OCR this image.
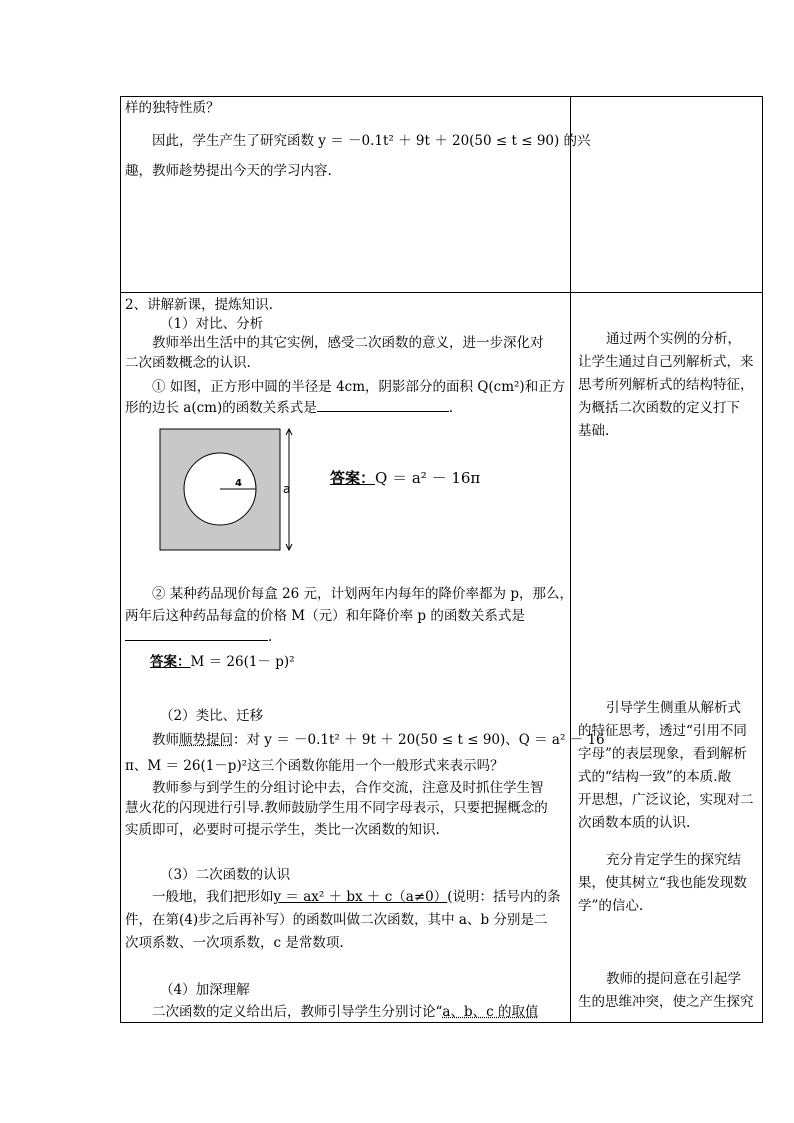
样的独特性质？
因此，学生产生了研究函数 y ＝ －0.1t² ＋ 9t ＋ 20(50 ≤ t ≤ 90) 的兴
趣，教师趁势提出今天的学习内容.
2、讲解新课，提炼知识.
（1）对比、分析
教师举出生活中的其它实例，感受二次函数的意义，进一步深化对
二次函数概念的认识.
① 如图，正方形中圆的半径是 4cm，阴影部分的面积 Q(cm²)和正方
形的边长 a(cm)的函数关系式是	.
4	a
答案：Q ＝ a² － 16π
② 某种药品现价每盒 26 元，计划两年内每年的降价率都为 p，那么，
两年后这种药品每盒的价格 M（元）和年降价率 p 的函数关系式是
.
答案：M ＝ 26(1－ p)²
（2）类比、迁移
教师顺势提问：对 y ＝ －0.1t² ＋ 9t ＋ 20(50 ≤ t ≤ 90)、Q ＝ a² － 16
π、M ＝ 26(1－p)²这三个函数你能用一个一般形式来表示吗？
教师参与到学生的分组讨论中去，合作交流，注意及时抓住学生智
慧火花的闪现进行引导.教师鼓励学生用不同字母表示，只要把握概念的
实质即可，必要时可提示学生，类比一次函数的知识.
（3）二次函数的认识
一般地，我们把形如y ＝ ax² ＋ bx ＋ c（a≠0）(说明：括号内的条
件，在第(4)步之后再补写）的函数叫做二次函数，其中 a、b 分别是二
次项系数、一次项系数，c 是常数项.
（4）加深理解
二次函数的定义给出后，教师引导学生分别讨论“a、b、c 的取值
通过两个实例的分析，
让学生通过自己列解析式，来
思考所列解析式的结构特征，
为概括二次函数的定义打下
基础.
引导学生侧重从解析式
的特征思考，透过“引用不同
字母”的表层现象，看到解析
式的“结构一致”的本质.敞
开思想，广泛议论，实现对二
次函数本质的认识.
充分肯定学生的探究结
果，使其树立“我也能发现数
学”的信心.
教师的提问意在引起学
生的思维冲突，使之产生探究
